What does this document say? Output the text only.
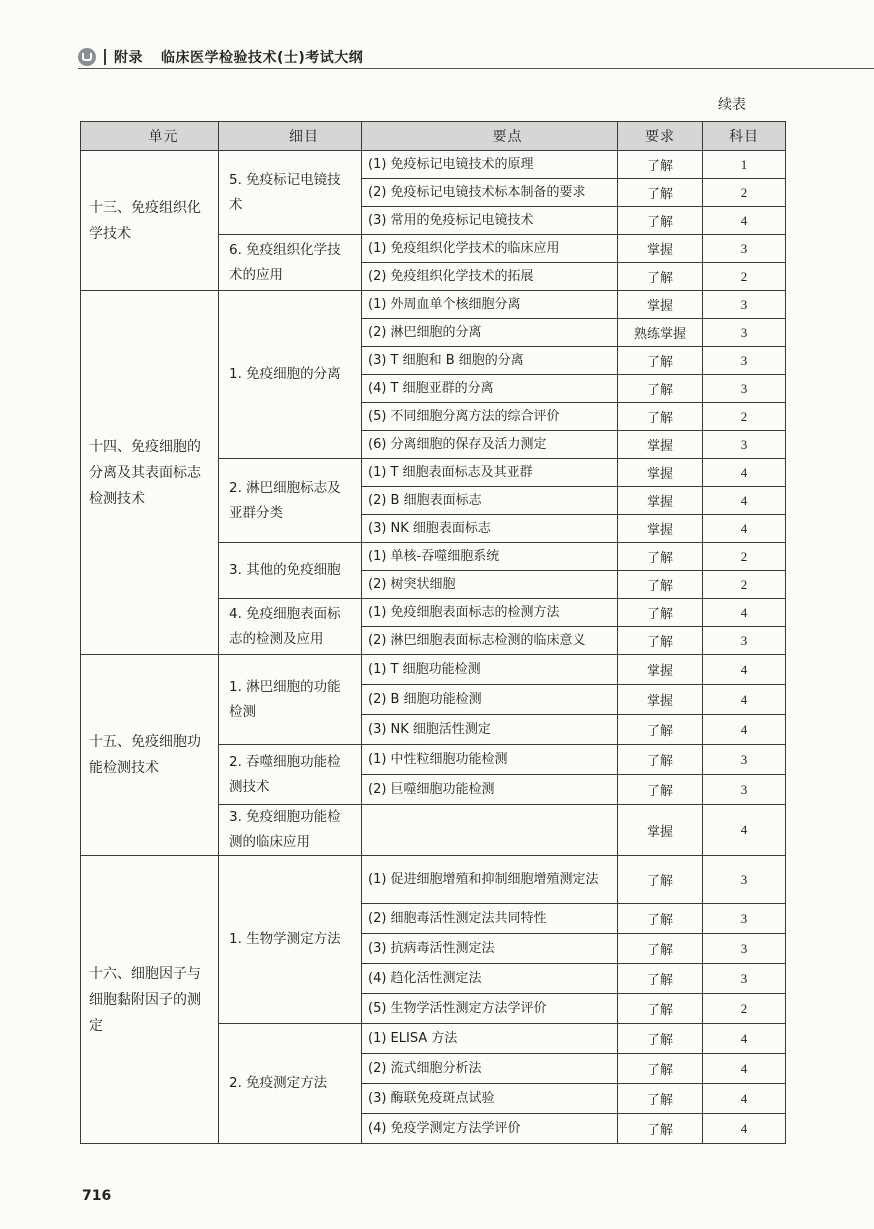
附录 临床医学检验技术(士)考试大纲
续表
单元	细目	要点	要求	科目
十三、免疫组织化学技术	5. 免疫标记电镜技术	(1) 免疫标记电镜技术的原理	了解	1
		(2) 免疫标记电镜技术标本制备的要求	了解	2
		(3) 常用的免疫标记电镜技术	了解	4
	6. 免疫组织化学技术的应用	(1) 免疫组织化学技术的临床应用	掌握	3
		(2) 免疫组织化学技术的拓展	了解	2
十四、免疫细胞的分离及其表面标志检测技术	1. 免疫细胞的分离	(1) 外周血单个核细胞分离	掌握	3
		(2) 淋巴细胞的分离	熟练掌握	3
		(3) T 细胞和 B 细胞的分离	了解	3
		(4) T 细胞亚群的分离	了解	3
		(5) 不同细胞分离方法的综合评价	了解	2
		(6) 分离细胞的保存及活力测定	掌握	3
	2. 淋巴细胞标志及亚群分类	(1) T 细胞表面标志及其亚群	掌握	4
		(2) B 细胞表面标志	掌握	4
		(3) NK 细胞表面标志	掌握	4
	3. 其他的免疫细胞	(1) 单核-吞噬细胞系统	了解	2
		(2) 树突状细胞	了解	2
	4. 免疫细胞表面标志的检测及应用	(1) 免疫细胞表面标志的检测方法	了解	4
		(2) 淋巴细胞表面标志检测的临床意义	了解	3
十五、免疫细胞功能检测技术	1. 淋巴细胞的功能检测	(1) T 细胞功能检测	掌握	4
		(2) B 细胞功能检测	掌握	4
		(3) NK 细胞活性测定	了解	4
	2. 吞噬细胞功能检测技术	(1) 中性粒细胞功能检测	了解	3
		(2) 巨噬细胞功能检测	了解	3
	3. 免疫细胞功能检测的临床应用		掌握	4
十六、细胞因子与细胞黏附因子的测定	1. 生物学测定方法	(1) 促进细胞增殖和抑制细胞增殖测定法	了解	3
		(2) 细胞毒活性测定法共同特性	了解	3
		(3) 抗病毒活性测定法	了解	3
		(4) 趋化活性测定法	了解	3
		(5) 生物学活性测定方法学评价	了解	2
	2. 免疫测定方法	(1) ELISA 方法	了解	4
		(2) 流式细胞分析法	了解	4
		(3) 酶联免疫斑点试验	了解	4
		(4) 免疫学测定方法学评价	了解	4
716
